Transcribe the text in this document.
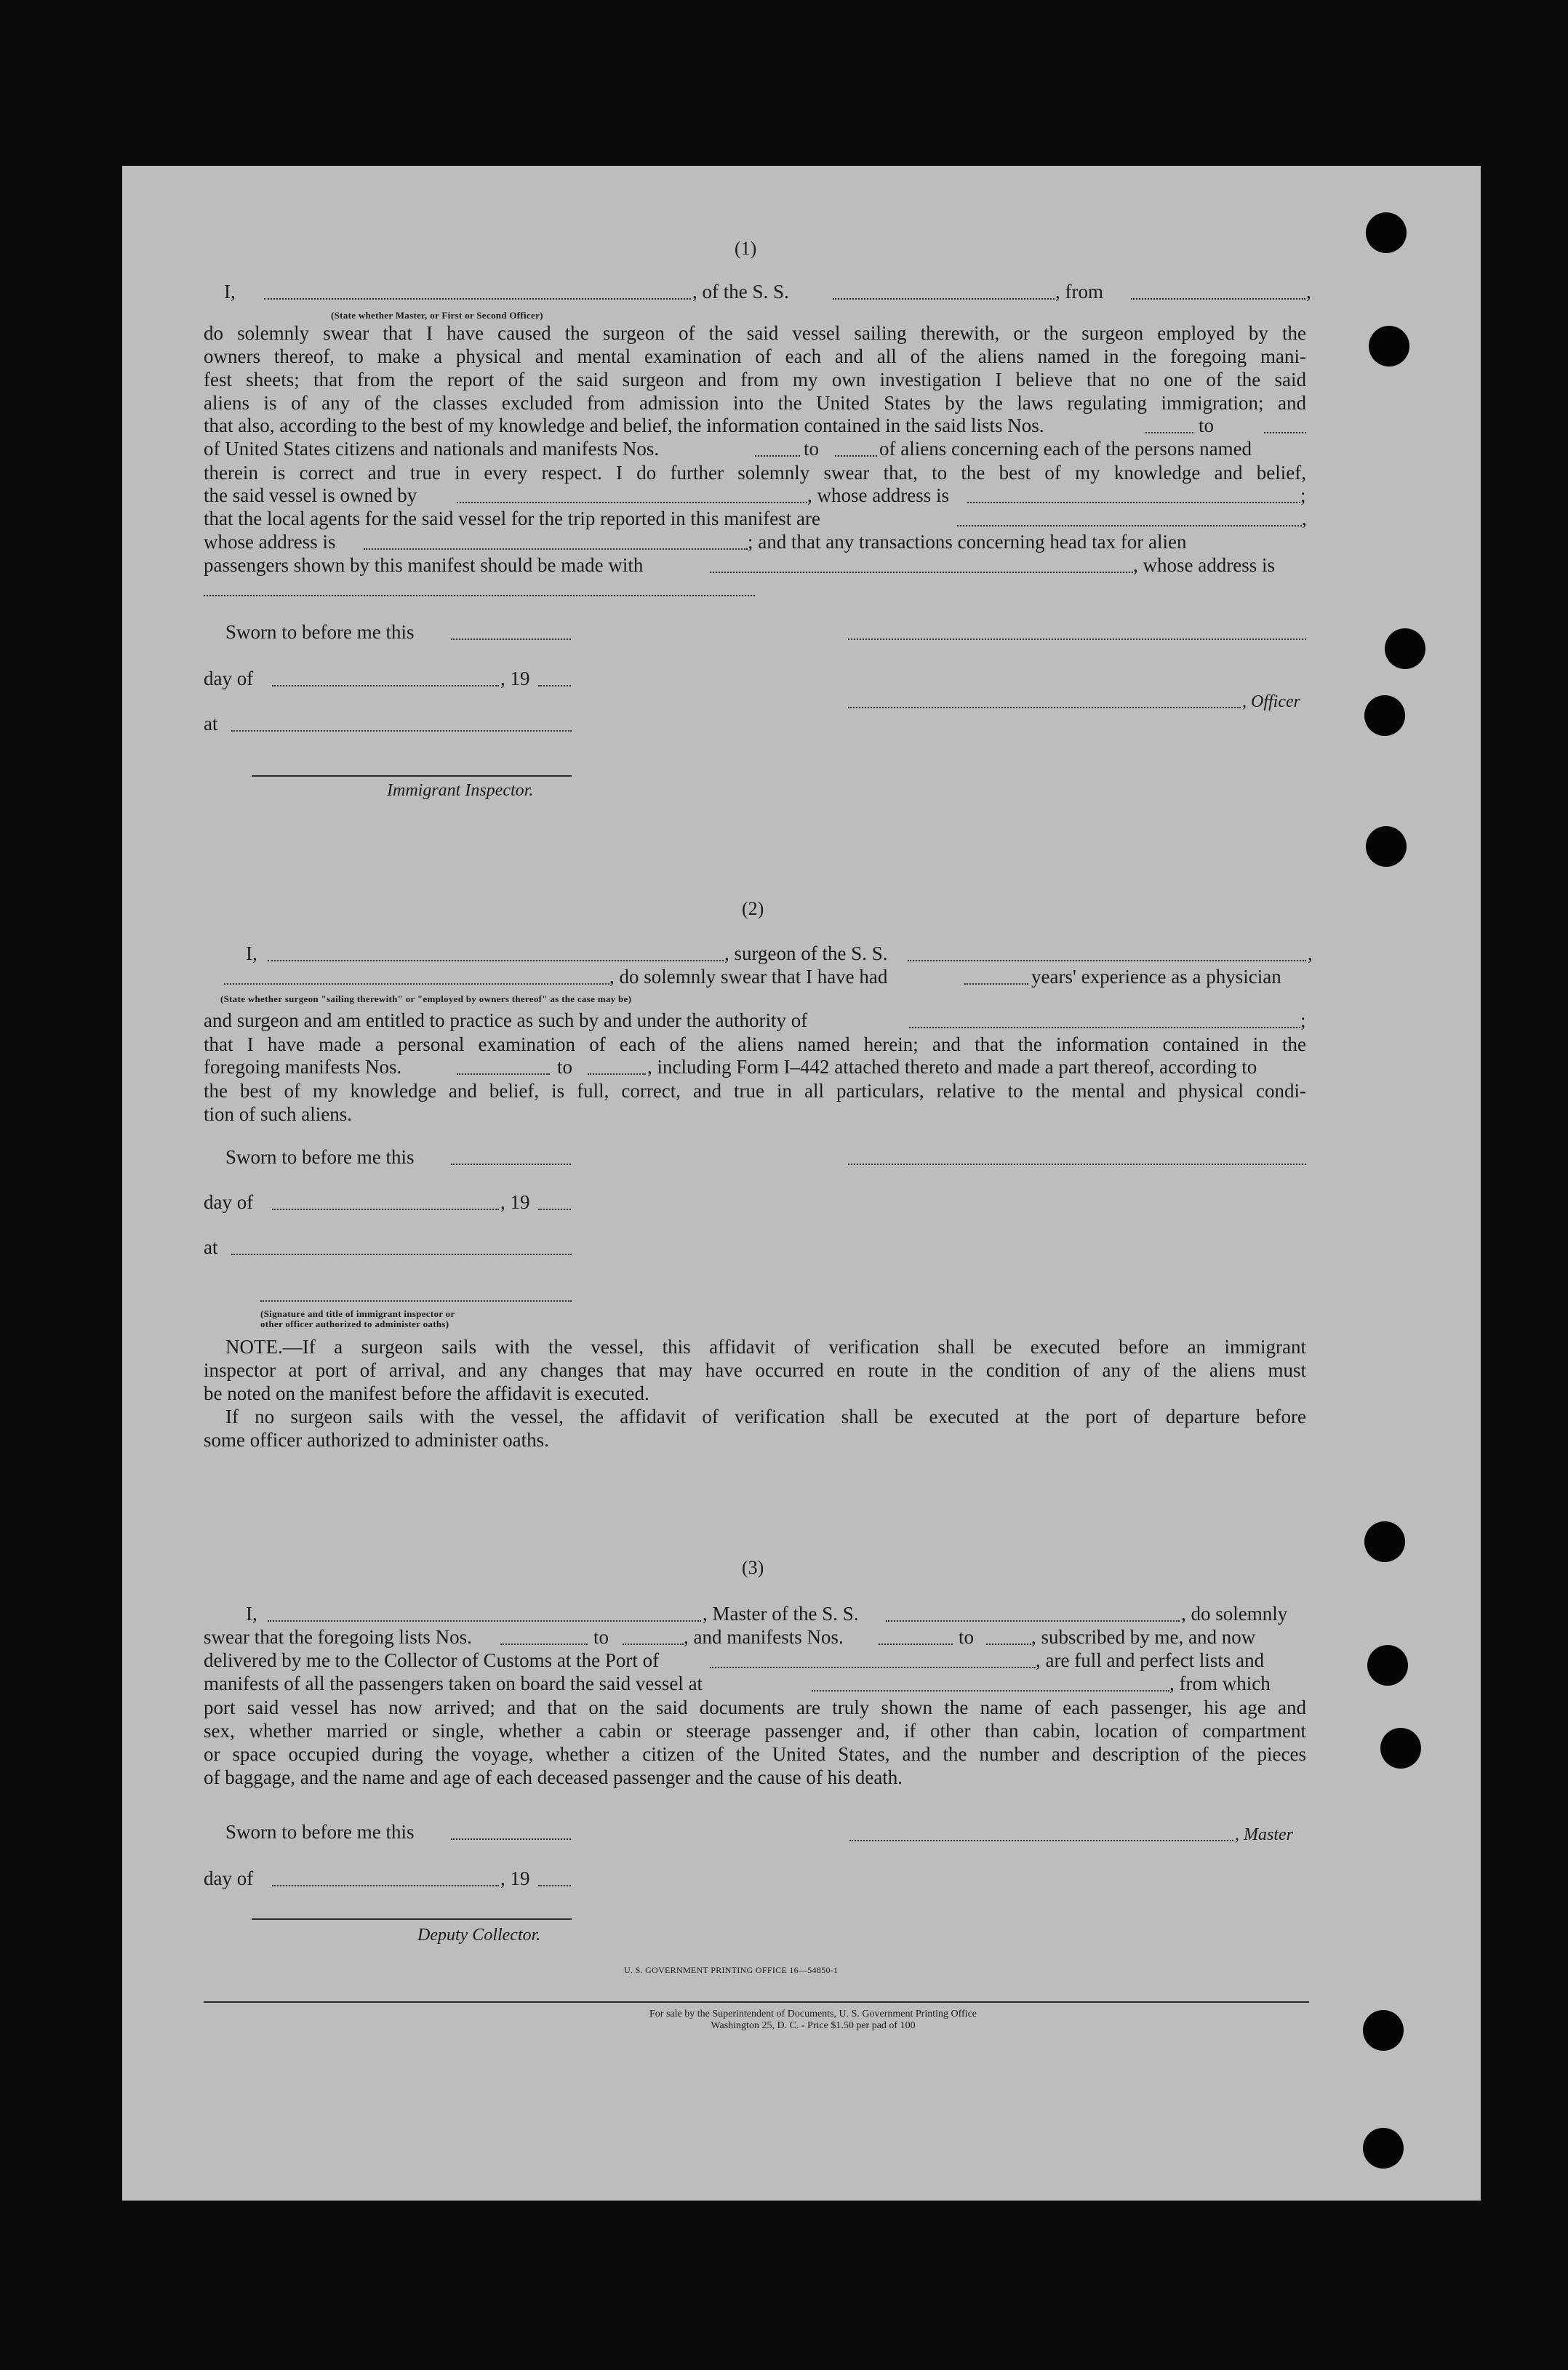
(1)
I,	, of the S. S.	, from	,
(State whether Master, or First or Second Officer)
do solemnly swear that I have caused the surgeon of the said vessel sailing therewith, or the surgeon employed by the
owners thereof, to make a physical and mental examination of each and all of the aliens named in the foregoing mani-
fest sheets; that from the report of the said surgeon and from my own investigation I believe that no one of the said
aliens is of any of the classes excluded from admission into the United States by the laws regulating immigration; and
that also, according to the best of my knowledge and belief, the information contained in the said lists Nos.	to
of United States citizens and nationals and manifests Nos.	to	of aliens concerning each of the persons named
therein is correct and true in every respect. I do further solemnly swear that, to the best of my knowledge and belief,
the said vessel is owned by	, whose address is	;
that the local agents for the said vessel for the trip reported in this manifest are	,
whose address is	; and that any transactions concerning head tax for alien
passengers shown by this manifest should be made with	, whose address is
Sworn to before me this
day of	, 19
, Officer
at
Immigrant Inspector.
(2)
I,	, surgeon of the S. S.	,
, do solemnly swear that I have had	years' experience as a physician
(State whether surgeon "sailing therewith" or "employed by owners thereof" as the case may be)
and surgeon and am entitled to practice as such by and under the authority of	;
that I have made a personal examination of each of the aliens named herein; and that the information contained in the
foregoing manifests Nos.	to	, including Form I–442 attached thereto and made a part thereof, according to
the best of my knowledge and belief, is full, correct, and true in all particulars, relative to the mental and physical condi-
tion of such aliens.
Sworn to before me this
day of	, 19
at
(Signature and title of immigrant inspector or
other officer authorized to administer oaths)
NOTE.—If a surgeon sails with the vessel, this affidavit of verification shall be executed before an immigrant
inspector at port of arrival, and any changes that may have occurred en route in the condition of any of the aliens must
be noted on the manifest before the affidavit is executed.
If no surgeon sails with the vessel, the affidavit of verification shall be executed at the port of departure before
some officer authorized to administer oaths.
(3)
I,	, Master of the S. S.	, do solemnly
swear that the foregoing lists Nos.	to	, and manifests Nos.	to	, subscribed by me, and now
delivered by me to the Collector of Customs at the Port of	, are full and perfect lists and
manifests of all the passengers taken on board the said vessel at	, from which
port said vessel has now arrived; and that on the said documents are truly shown the name of each passenger, his age and
sex, whether married or single, whether a cabin or steerage passenger and, if other than cabin, location of compartment
or space occupied during the voyage, whether a citizen of the United States, and the number and description of the pieces
of baggage, and the name and age of each deceased passenger and the cause of his death.
Sworn to before me this	, Master
day of	, 19
Deputy Collector.
U. S. GOVERNMENT PRINTING OFFICE 16—54850-1
For sale by the Superintendent of Documents, U. S. Government Printing Office
Washington 25, D. C. - Price $1.50 per pad of 100
